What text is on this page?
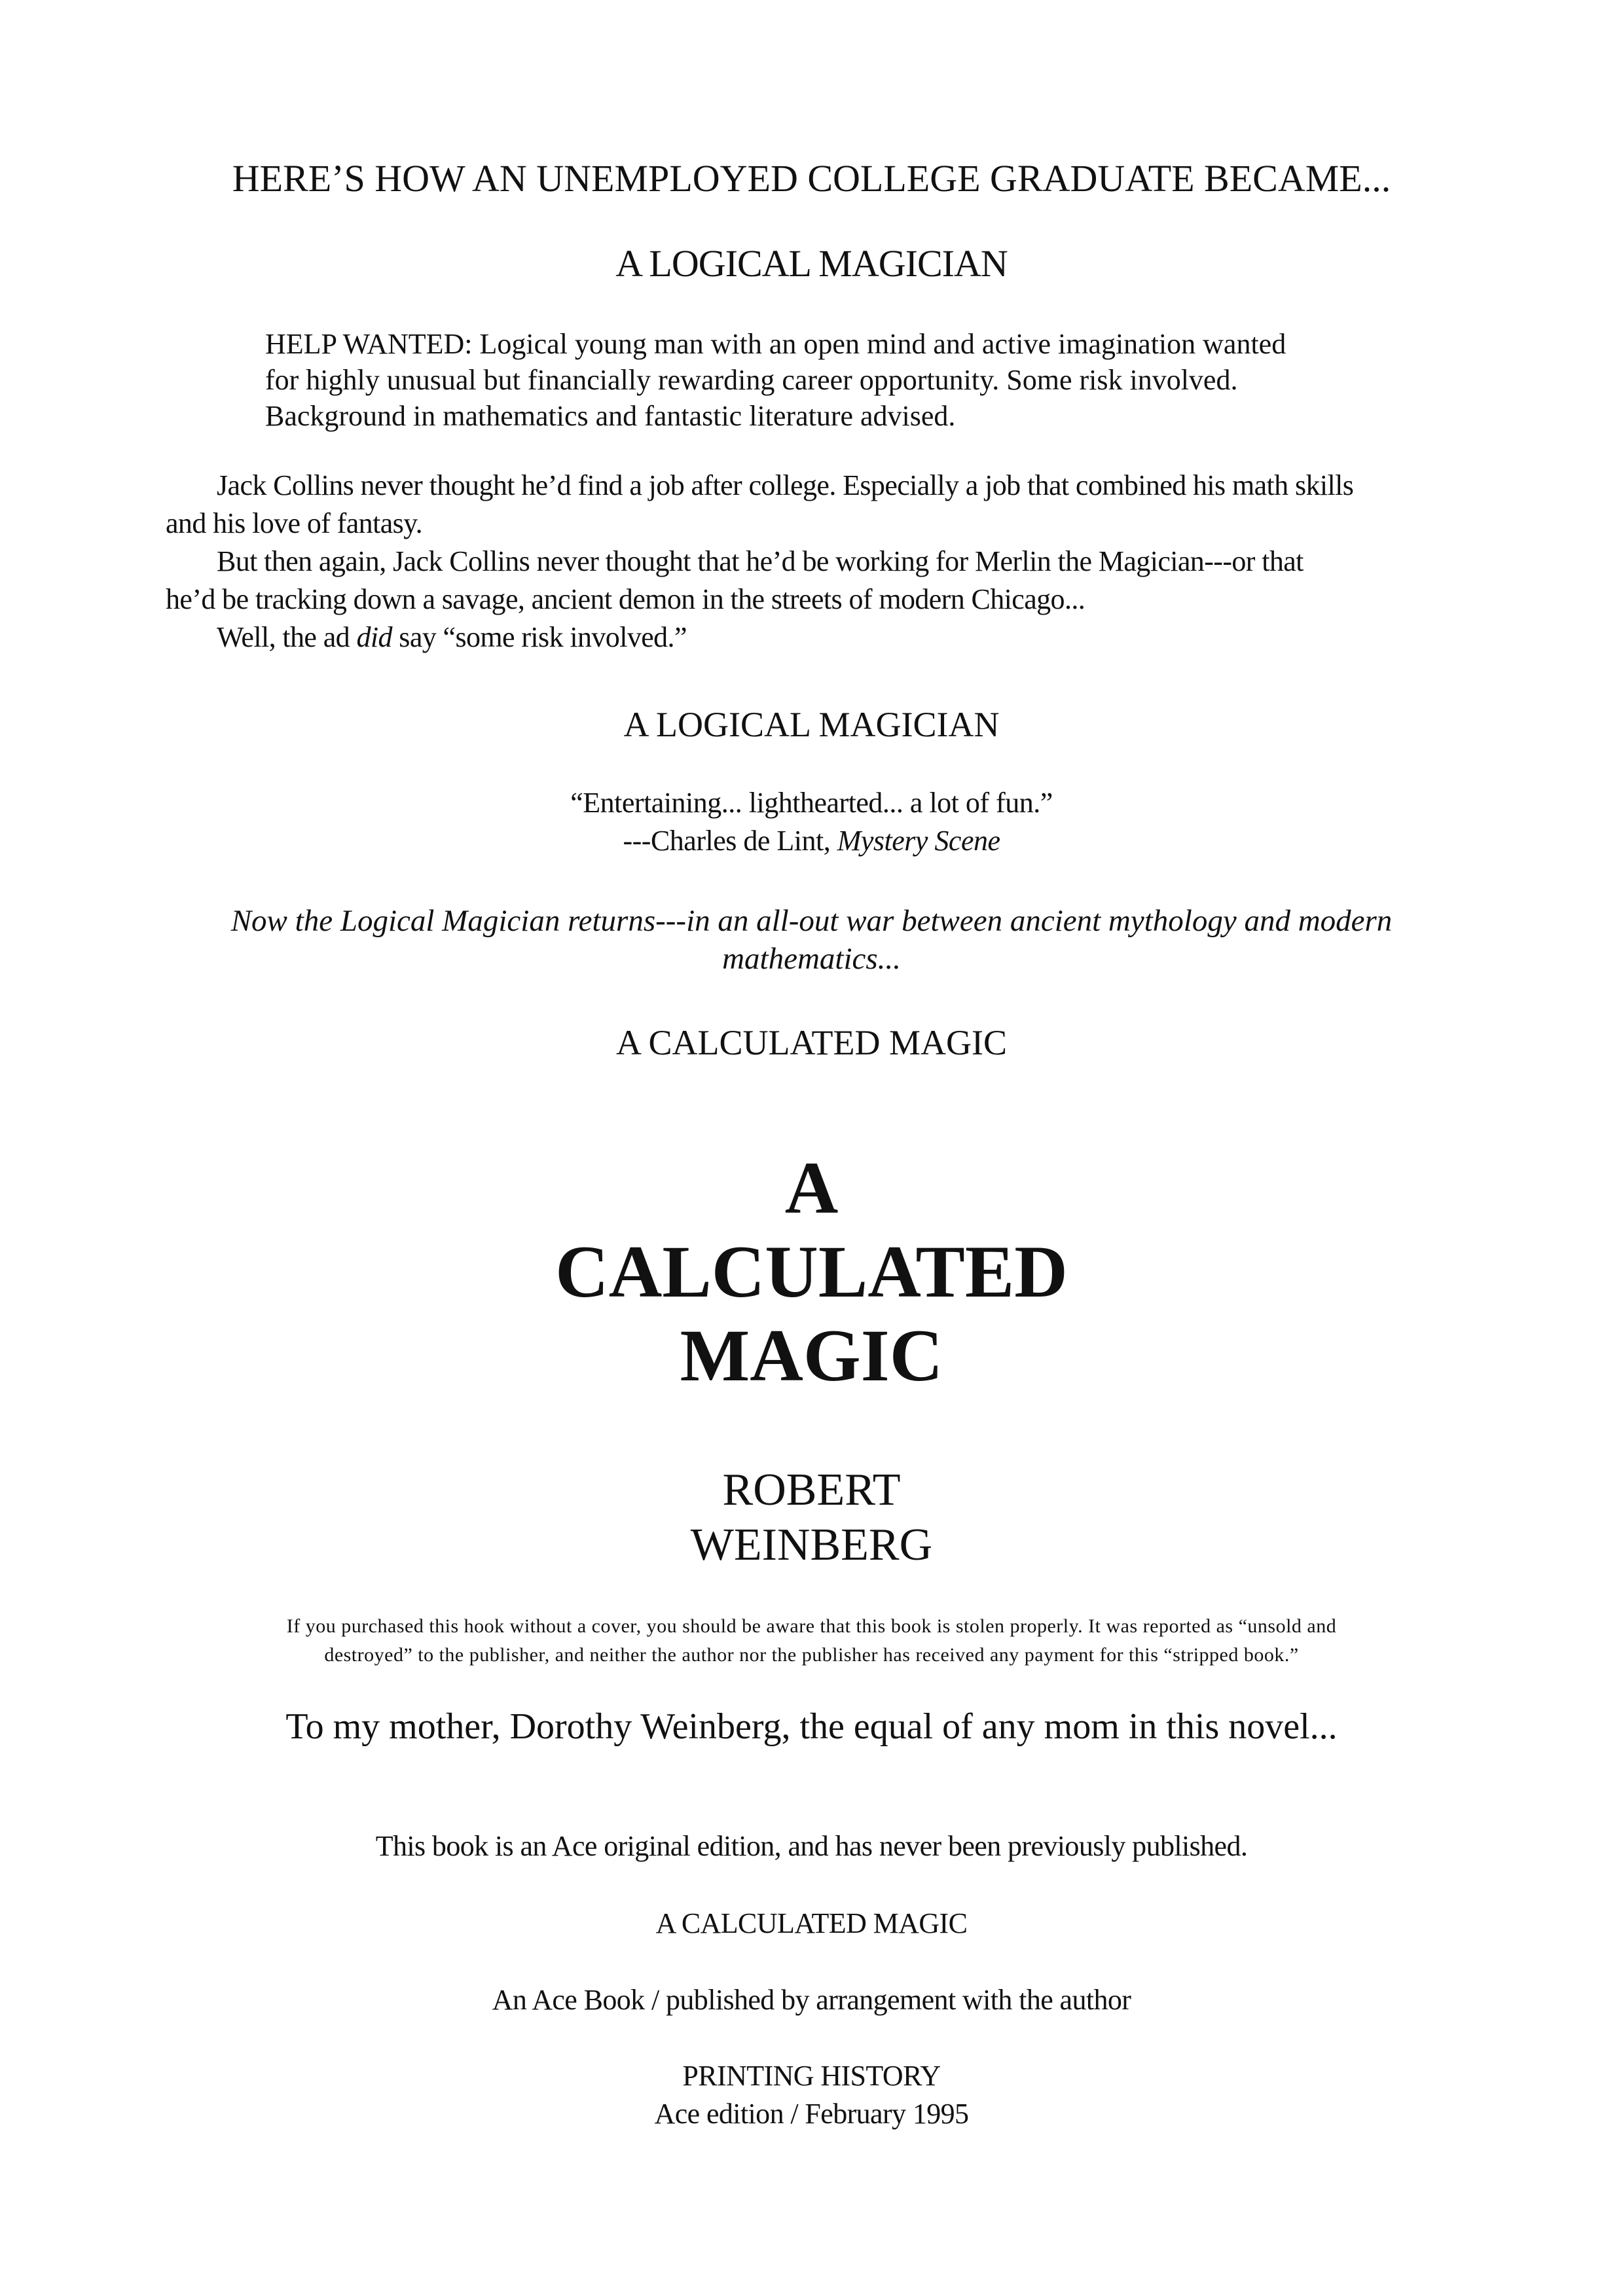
HERE’S HOW AN UNEMPLOYED COLLEGE GRADUATE BECAME...
A LOGICAL MAGICIAN
HELP WANTED: Logical young man with an open mind and active imagination wanted
for highly unusual but financially rewarding career opportunity. Some risk involved.
Background in mathematics and fantastic literature advised.
Jack Collins never thought he’d find a job after college. Especially a job that combined his math skills
and his love of fantasy.
But then again, Jack Collins never thought that he’d be working for Merlin the Magician---or that
he’d be tracking down a savage, ancient demon in the streets of modern Chicago...
Well, the ad did say “some risk involved.”
A LOGICAL MAGICIAN
“Entertaining... lighthearted... a lot of fun.”
---Charles de Lint, Mystery Scene
Now the Logical Magician returns---in an all-out war between ancient mythology and modern
mathematics...
A CALCULATED MAGIC
A
CALCULATED
MAGIC
ROBERT
WEINBERG
If you purchased this hook without a cover, you should be aware that this book is stolen properly. It was reported as “unsold and
destroyed” to the publisher, and neither the author nor the publisher has received any payment for this “stripped book.”
To my mother, Dorothy Weinberg, the equal of any mom in this novel...
This book is an Ace original edition, and has never been previously published.
A CALCULATED MAGIC
An Ace Book / published by arrangement with the author
PRINTING HISTORY
Ace edition / February 1995
